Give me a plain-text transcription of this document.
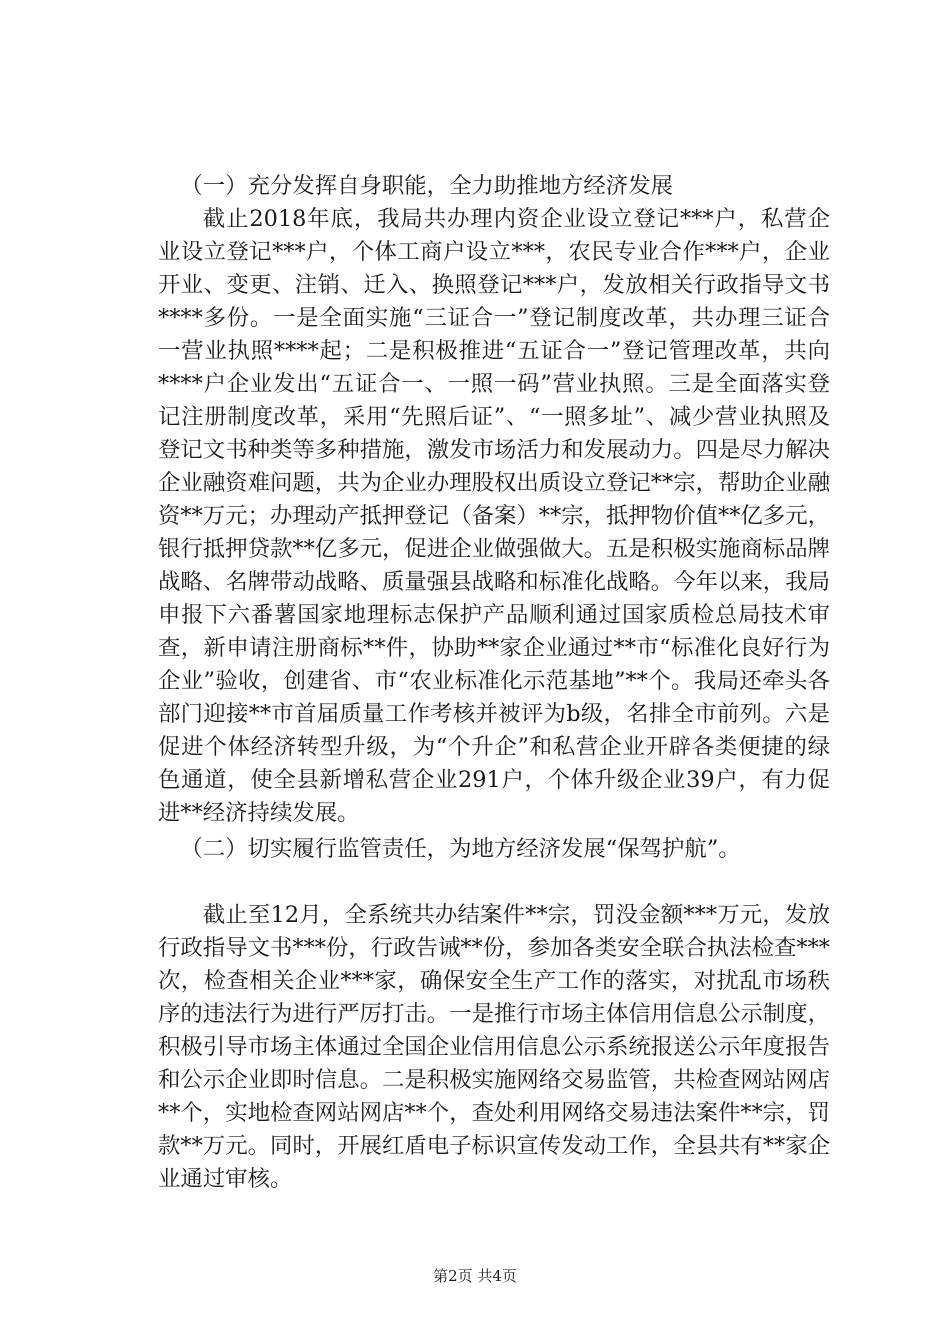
（一）充分发挥自身职能，全力助推地方经济发展

截止2018年底，我局共办理内资企业设立登记***户，私营企业设立登记***户，个体工商户设立***，农民专业合作***户，企业开业、变更、注销、迁入、换照登记***户，发放相关行政指导文书****多份。一是全面实施“三证合一”登记制度改革，共办理三证合一营业执照****起；二是积极推进“五证合一”登记管理改革，共向****户企业发出“五证合一、一照一码”营业执照。三是全面落实登记注册制度改革，采用“先照后证”、“一照多址”、减少营业执照及登记文书种类等多种措施，激发市场活力和发展动力。四是尽力解决企业融资难问题，共为企业办理股权出质设立登记**宗，帮助企业融资**万元；办理动产抵押登记（备案）**宗，抵押物价值**亿多元，银行抵押贷款**亿多元，促进企业做强做大。五是积极实施商标品牌战略、名牌带动战略、质量强县战略和标准化战略。今年以来，我局申报下六番薯国家地理标志保护产品顺利通过国家质检总局技术审查，新申请注册商标**件，协助**家企业通过**市“标准化良好行为企业”验收，创建省、市“农业标准化示范基地”**个。我局还牵头各部门迎接**市首届质量工作考核并被评为b级，名排全市前列。六是促进个体经济转型升级，为“个升企”和私营企业开辟各类便捷的绿色通道，使全县新增私营企业291户，个体升级企业39户，有力促进**经济持续发展。

（二）切实履行监管责任，为地方经济发展“保驾护航”。

截止至12月，全系统共办结案件**宗，罚没金额***万元，发放行政指导文书***份，行政告诫**份，参加各类安全联合执法检查***次，检查相关企业***家，确保安全生产工作的落实，对扰乱市场秩序的违法行为进行严厉打击。一是推行市场主体信用信息公示制度，积极引导市场主体通过全国企业信用信息公示系统报送公示年度报告和公示企业即时信息。二是积极实施网络交易监管，共检查网站网店**个，实地检查网站网店**个，查处利用网络交易违法案件**宗，罚款**万元。同时，开展红盾电子标识宣传发动工作，全县共有**家企业通过审核。

第2页 共4页
